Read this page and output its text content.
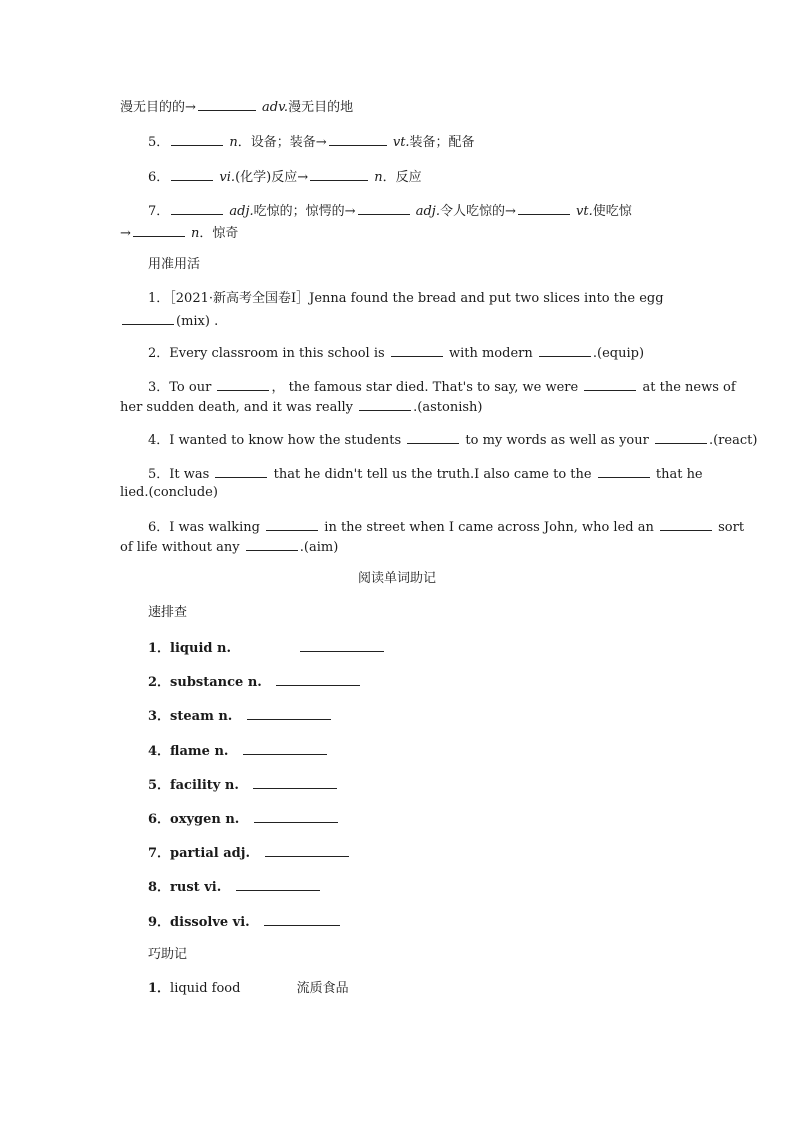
漫无目的的→	adv.漫无目的地
5．	n．设备；装备→	vt.装备；配备
6．	vi.(化学)反应→	n．反应
7．	adj.吃惊的；惊愕的→	adj.令人吃惊的→	vt.使吃惊
→	n．惊奇
用准用活
1．［2021·新高考全国卷Ⅰ］Jenna found the bread and put two slices into the egg
(mix) .
2．Every classroom in this school is	with modern	.(equip)
3．To our	， the famous star died. That's to say, we were	at the news of
her sudden death, and it was really	.(astonish)
4．I wanted to know how the students	to my words as well as your	.(react)
5．It was	that he didn't tell us the truth.I also came to the	that he
lied.(conclude)
6．I was walking	in the street when I came across John, who led an	sort
of life without any	.(aim)
阅读单词助记
速排查
1．liquid n.
2．substance n.
3．steam n.
4．flame n.
5．facility n.
6．oxygen n.
7．partial adj.
8．rust vi.
9．dissolve vi.
巧助记
1．liquid food	流质食品
